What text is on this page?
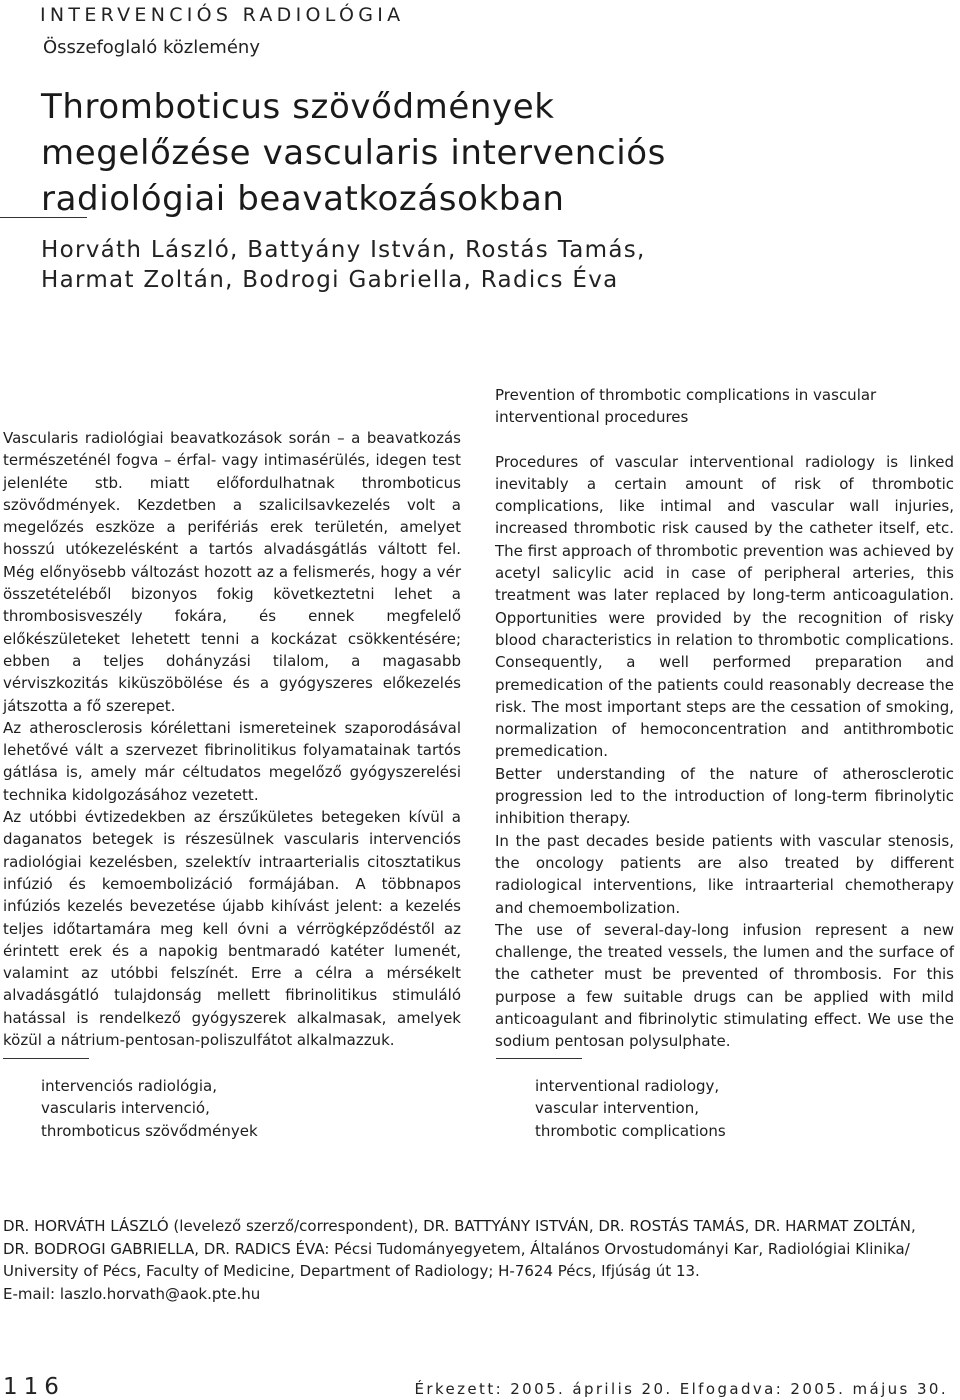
INTERVENCIÓS RADIOLÓGIA
Összefoglaló közlemény
Thromboticus szövődmények
megelőzése vascularis intervenciós
radiológiai beavatkozásokban
Horváth László, Battyány István, Rostás Tamás,
Harmat Zoltán, Bodrogi Gabriella, Radics Éva

Vascularis radiológiai beavatkozások során – a beavatkozás természeténél fogva – érfal- vagy intimasérülés, idegen test jelenléte stb. miatt előfordulhatnak thromboticus szövődmények. Kezdetben a szalicilsavkezelés volt a megelőzés eszköze a perifériás erek területén, amelyet hosszú utókezelésként a tartós alvadásgátlás váltott fel. Még előnyösebb változást hozott az a felismerés, hogy a vér összetételéből bizonyos fokig következtetni lehet a thrombosisveszély fokára, és ennek megfelelő előkészületeket lehetett tenni a kockázat csökkentésére; ebben a teljes dohányzási tilalom, a magasabb vérviszkozitás kiküszöbölése és a gyógyszeres előkezelés játszotta a fő szerepet.

Az atherosclerosis kórélettani ismereteinek szaporodásával lehetővé vált a szervezet fibrinolitikus folyamatainak tartós gátlása is, amely már céltudatos megelőző gyógyszerelési technika kidolgozásához vezetett.

Az utóbbi évtizedekben az érszűkületes betegeken kívül a daganatos betegek is részesülnek vascularis intervenciós radiológiai kezelésben, szelektív intraarterialis citosztatikus infúzió és kemoembolizáció formájában. A többnapos infúziós kezelés bevezetése újabb kihívást jelent: a kezelés teljes időtartamára meg kell óvni a vérrögképződéstől az érintett erek és a napokig bentmaradó katéter lumenét, valamint az utóbbi felszínét. Erre a célra a mérsékelt alvadásgátló tulajdonság mellett fibrinolitikus stimuláló hatással is rendelkező gyógyszerek alkalmasak, amelyek közül a nátrium-pentosan-poliszulfátot alkalmazzuk.

Prevention of thrombotic complications in vascular interventional procedures

Procedures of vascular interventional radiology is linked inevitably a certain amount of risk of thrombotic complications, like intimal and vascular wall injuries, increased thrombotic risk caused by the catheter itself, etc. The first approach of thrombotic prevention was achieved by acetyl salicylic acid in case of peripheral arteries, this treatment was later replaced by long-term anticoagulation. Opportunities were provided by the recognition of risky blood characteristics in relation to thrombotic complications. Consequently, a well performed preparation and premedication of the patients could reasonably decrease the risk. The most important steps are the cessation of smoking, normalization of hemoconcentration and antithrombotic premedication.

Better understanding of the nature of atherosclerotic progression led to the introduction of long-term fibrinolytic inhibition therapy.

In the past decades beside patients with vascular stenosis, the oncology patients are also treated by different radiological interventions, like intraarterial chemotherapy and chemoembolization.

The use of several-day-long infusion represent a new challenge, the treated vessels, the lumen and the surface of the catheter must be prevented of thrombosis. For this purpose a few suitable drugs can be applied with mild anticoagulant and fibrinolytic stimulating effect. We use the sodium pentosan polysulphate.

intervenciós radiológia,
vascularis intervenció,
thromboticus szövődmények
interventional radiology,
vascular intervention,
thrombotic complications
DR. HORVÁTH LÁSZLÓ (levelező szerző/correspondent), DR. BATTYÁNY ISTVÁN, DR. ROSTÁS TAMÁS, DR. HARMAT ZOLTÁN,
DR. BODROGI GABRIELLA, DR. RADICS ÉVA: Pécsi Tudományegyetem, Általános Orvostudományi Kar, Radiológiai Klinika/
University of Pécs, Faculty of Medicine, Department of Radiology; H-7624 Pécs, Ifjúság út 13.
E-mail: laszlo.horvath@aok.pte.hu
116	Érkezett: 2005. április 20. Elfogadva: 2005. május 30.
